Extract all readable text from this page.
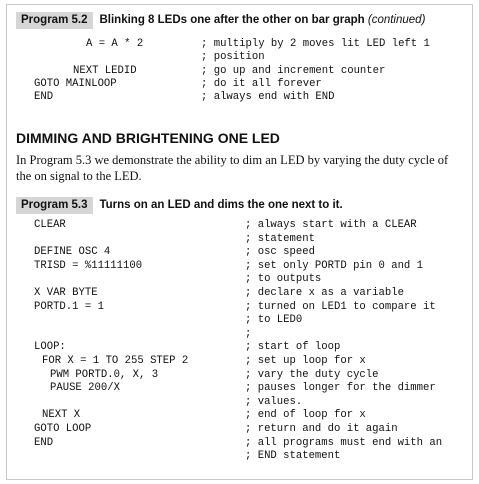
Program 5.2 Blinking 8 LEDs one after the other on bar graph (continued)
A = A * 2	; multiply by 2 moves lit LED left 1
; position
NEXT LEDID	; go up and increment counter
GOTO MAINLOOP	; do it all forever
END	; always end with END
DIMMING AND BRIGHTENING ONE LED
In Program 5.3 we demonstrate the ability to dim an LED by varying the duty cycle of the on signal to the LED.
Program 5.3 Turns on an LED and dims the one next to it.
CLEAR	; always start with a CLEAR
; statement
DEFINE OSC 4	; osc speed
TRISD = %11111100	; set only PORTD pin 0 and 1
; to outputs
X VAR BYTE	; declare x as a variable
PORTD.1 = 1	; turned on LED1 to compare it
; to LED0
;
LOOP:	; start of loop
FOR X = 1 TO 255 STEP 2	; set up loop for x
PWM PORTD.0, X, 3	; vary the duty cycle
PAUSE 200/X	; pauses longer for the dimmer
; values.
NEXT X	; end of loop for x
GOTO LOOP	; return and do it again
END	; all programs must end with an
; END statement
